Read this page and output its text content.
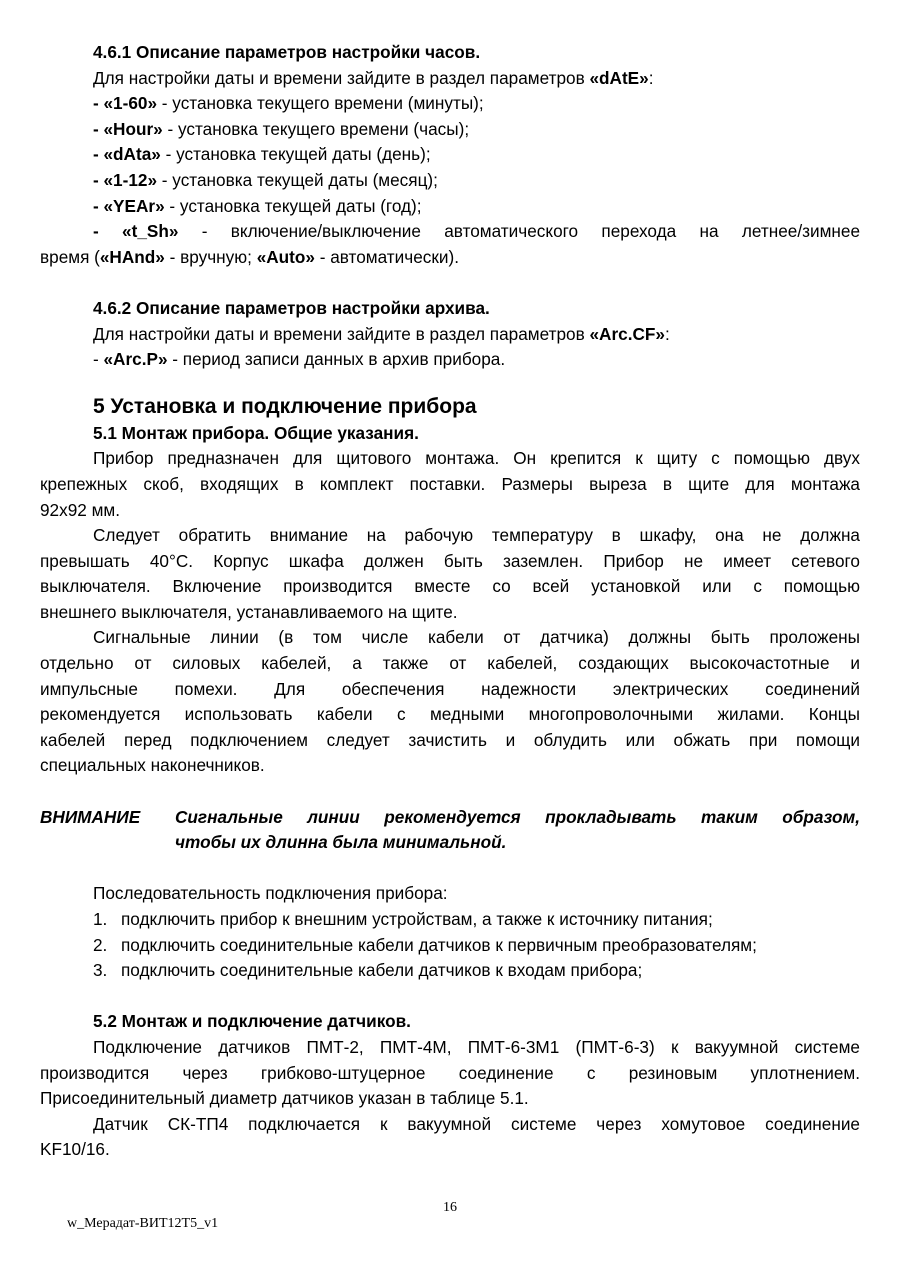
4.6.1 Описание параметров настройки часов.
Для настройки даты и времени зайдите в раздел параметров «dAtE»:
- «1-60» - установка текущего времени (минуты);
- «Hour» - установка текущего времени (часы);
- «dAta» - установка текущей даты (день);
- «1-12» - установка текущей даты (месяц);
- «YEAr» - установка текущей даты (год);
- «t_Sh» - включение/выключение автоматического перехода на летнее/зимнее
время («HAnd» - вручную; «Auto» - автоматически).
4.6.2 Описание параметров настройки архива.
Для настройки даты и времени зайдите в раздел параметров «Arc.CF»:
- «Arc.P» - период записи данных в архив прибора.
5 Установка и подключение прибора
5.1 Монтаж прибора. Общие указания.
Прибор предназначен для щитового монтажа. Он крепится к щиту с помощью двух
крепежных скоб, входящих в комплект поставки. Размеры выреза в щите для монтажа
92x92 мм.
Следует обратить внимание на рабочую температуру в шкафу, она не должна
превышать 40°С. Корпус шкафа должен быть заземлен. Прибор не имеет сетевого
выключателя. Включение производится вместе со всей установкой или с помощью
внешнего выключателя, устанавливаемого на щите.
Сигнальные линии (в том числе кабели от датчика) должны быть проложены
отдельно от силовых кабелей, а также от кабелей, создающих высокочастотные и
импульсные помехи. Для обеспечения надежности электрических соединений
рекомендуется использовать кабели с медными многопроволочными жилами. Концы
кабелей перед подключением следует зачистить и облудить или обжать при помощи
специальных наконечников.
ВНИМАНИЕ Сигнальные линии рекомендуется прокладывать таким образом,
чтобы их длинна была минимальной.
Последовательность подключения прибора:
1. подключить прибор к внешним устройствам, а также к источнику питания;
2. подключить соединительные кабели датчиков к первичным преобразователям;
3. подключить соединительные кабели датчиков к входам прибора;
5.2 Монтаж и подключение датчиков.
Подключение датчиков ПМТ-2, ПМТ-4М, ПМТ-6-3М1 (ПМТ-6-3) к вакуумной системе
производится через грибково-штуцерное соединение с резиновым уплотнением.
Присоединительный диаметр датчиков указан в таблице 5.1.
Датчик СК-ТП4 подключается к вакуумной системе через хомутовое соединение
KF10/16.
16
w_Мерадат-ВИТ12Т5_v1
